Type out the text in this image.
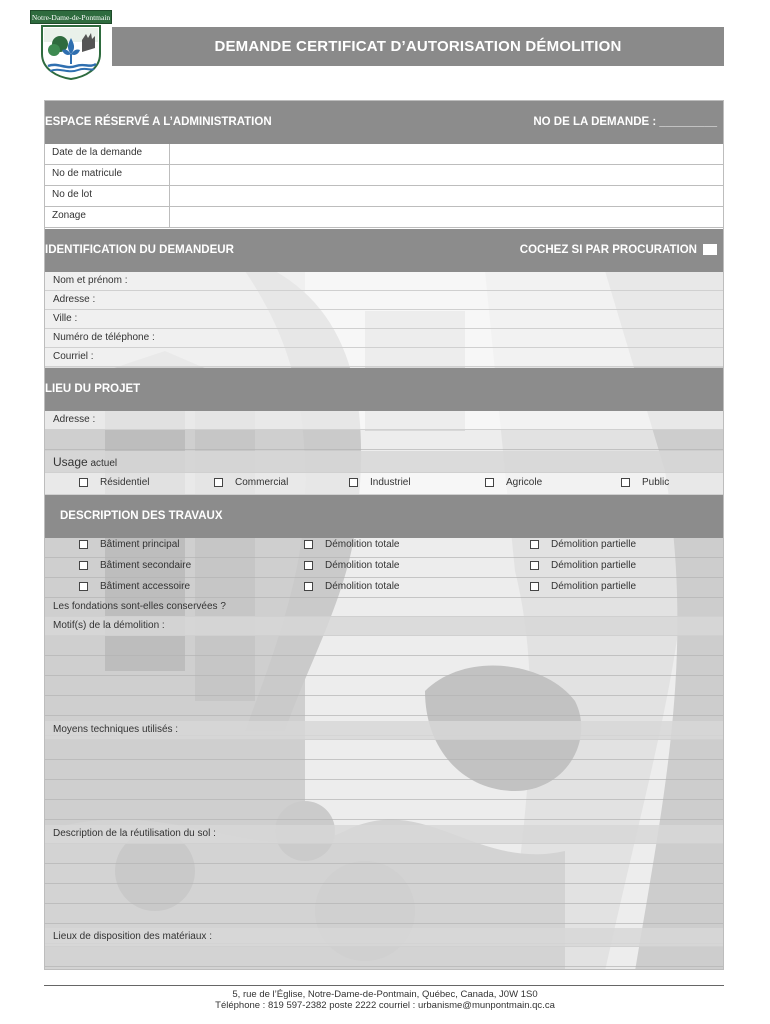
Notre-Dame-de-Pontmain
DEMANDE CERTIFICAT D’AUTORISATION DÉMOLITION
ESPACE RÉSERVÉ A L’ADMINISTRATION	NO DE LA DEMANDE : _________
Date de la demande
No de matricule
No de lot
Zonage
IDENTIFICATION DU DEMANDEUR	COCHEZ SI PAR PROCURATION
Nom et prénom :
Adresse :
Ville :
Numéro de téléphone :
Courriel :
LIEU DU PROJET
Adresse :
Usage actuel
Résidentiel	Commercial	Industriel	Agricole	Public
DESCRIPTION DES TRAVAUX
Bâtiment principal	Démolition totale	Démolition partielle
Bâtiment secondaire	Démolition totale	Démolition partielle
Bâtiment accessoire	Démolition totale	Démolition partielle
Les fondations sont-elles conservées ?
Motif(s) de la démolition :
Moyens techniques utilisés :
Description de la réutilisation du sol :
Lieux de disposition des matériaux :
5, rue de l’Église, Notre-Dame-de-Pontmain, Québec, Canada, J0W 1S0
Téléphone : 819 597-2382 poste 2222 courriel : urbanisme@munpontmain.qc.ca
